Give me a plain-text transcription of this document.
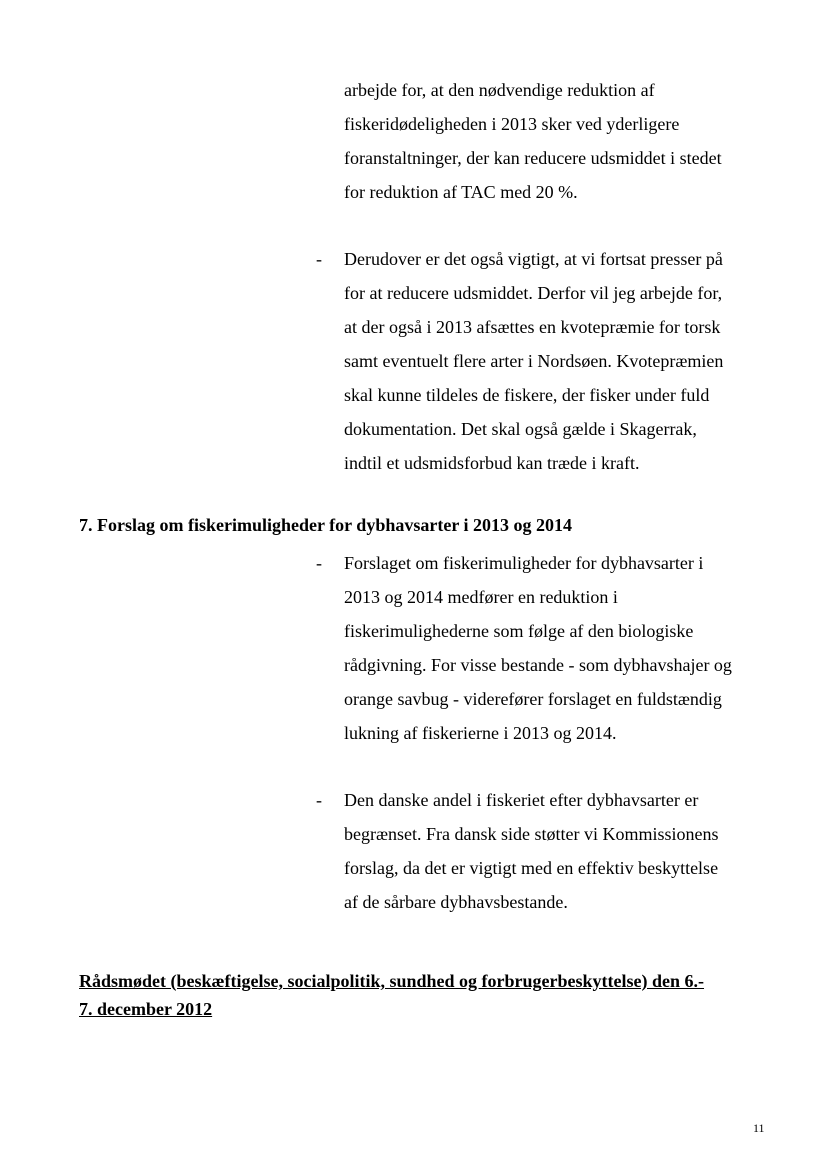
arbejde for, at den nødvendige reduktion af
fiskeridødeligheden i 2013 sker ved yderligere
foranstaltninger, der kan reducere udsmiddet i stedet
for reduktion af TAC med 20 %.
- Derudover er det også vigtigt, at vi fortsat presser på
for at reducere udsmiddet. Derfor vil jeg arbejde for,
at der også i 2013 afsættes en kvotepræmie for torsk
samt eventuelt flere arter i Nordsøen. Kvotepræmien
skal kunne tildeles de fiskere, der fisker under fuld
dokumentation. Det skal også gælde i Skagerrak,
indtil et udsmidsforbud kan træde i kraft.
7. Forslag om fiskerimuligheder for dybhavsarter i 2013 og 2014
- Forslaget om fiskerimuligheder for dybhavsarter i
2013 og 2014 medfører en reduktion i
fiskerimulighederne som følge af den biologiske
rådgivning. For visse bestande - som dybhavshajer og
orange savbug - viderefører forslaget en fuldstændig
lukning af fiskerierne i 2013 og 2014.
- Den danske andel i fiskeriet efter dybhavsarter er
begrænset. Fra dansk side støtter vi Kommissionens
forslag, da det er vigtigt med en effektiv beskyttelse
af de sårbare dybhavsbestande.
Rådsmødet (beskæftigelse, socialpolitik, sundhed og forbrugerbeskyttelse) den 6.-
7. december 2012
11
